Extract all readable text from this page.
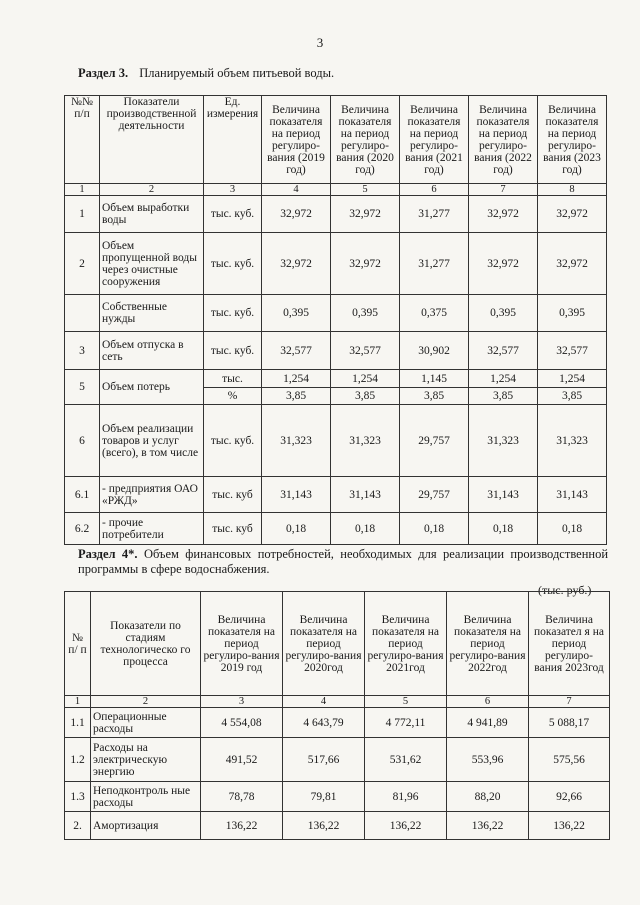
3
Раздел 3. Планируемый объем питьевой воды.
№№ п/п	Показатели производственной деятельности	Ед. измерения	Величина показателя на период регулиро-вания (2019 год)	Величина показателя на период регулиро-вания (2020 год)	Величина показателя на период регулиро-вания (2021 год)	Величина показателя на период регулиро-вания (2022 год)	Величина показателя на период регулиро-вания (2023 год)
1	2	3	4	5	6	7	8
1	Объем выработки воды	тыс. куб.	32,972	32,972	31,277	32,972	32,972
2	Объем пропущенной воды через очистные сооружения	тыс. куб.	32,972	32,972	31,277	32,972	32,972
	Собственные нужды	тыс. куб.	0,395	0,395	0,375	0,395	0,395
3	Объем отпуска в сеть	тыс. куб.	32,577	32,577	30,902	32,577	32,577
5	Объем потерь	тыс.	1,254	1,254	1,145	1,254	1,254
		%	3,85	3,85	3,85	3,85	3,85
6	Объем реализации товаров и услуг (всего), в том числе	тыс. куб.	31,323	31,323	29,757	31,323	31,323
6.1	- предприятия ОАО «РЖД»	тыс. куб	31,143	31,143	29,757	31,143	31,143
6.2	- прочие потребители	тыс. куб	0,18	0,18	0,18	0,18	0,18
Раздел 4*. Объем финансовых потребностей, необходимых для реализации производственной программы в сфере водоснабжения.
(тыс. руб.)
№ п/ п	Показатели по стадиям технологическо го процесса	Величина показателя на период регулиро-вания 2019 год	Величина показателя на период регулиро-вания 2020год	Величина показателя на период регулиро-вания 2021год	Величина показателя на период регулиро-вания 2022год	Величина показател я на период регулиро-вания 2023год
1	2	3	4	5	6	7
1.1	Операционные расходы	4 554,08	4 643,79	4 772,11	4 941,89	5 088,17
1.2	Расходы на электрическую энергию	491,52	517,66	531,62	553,96	575,56
1.3	Неподконтроль ные расходы	78,78	79,81	81,96	88,20	92,66
2.	Амортизация	136,22	136,22	136,22	136,22	136,22
